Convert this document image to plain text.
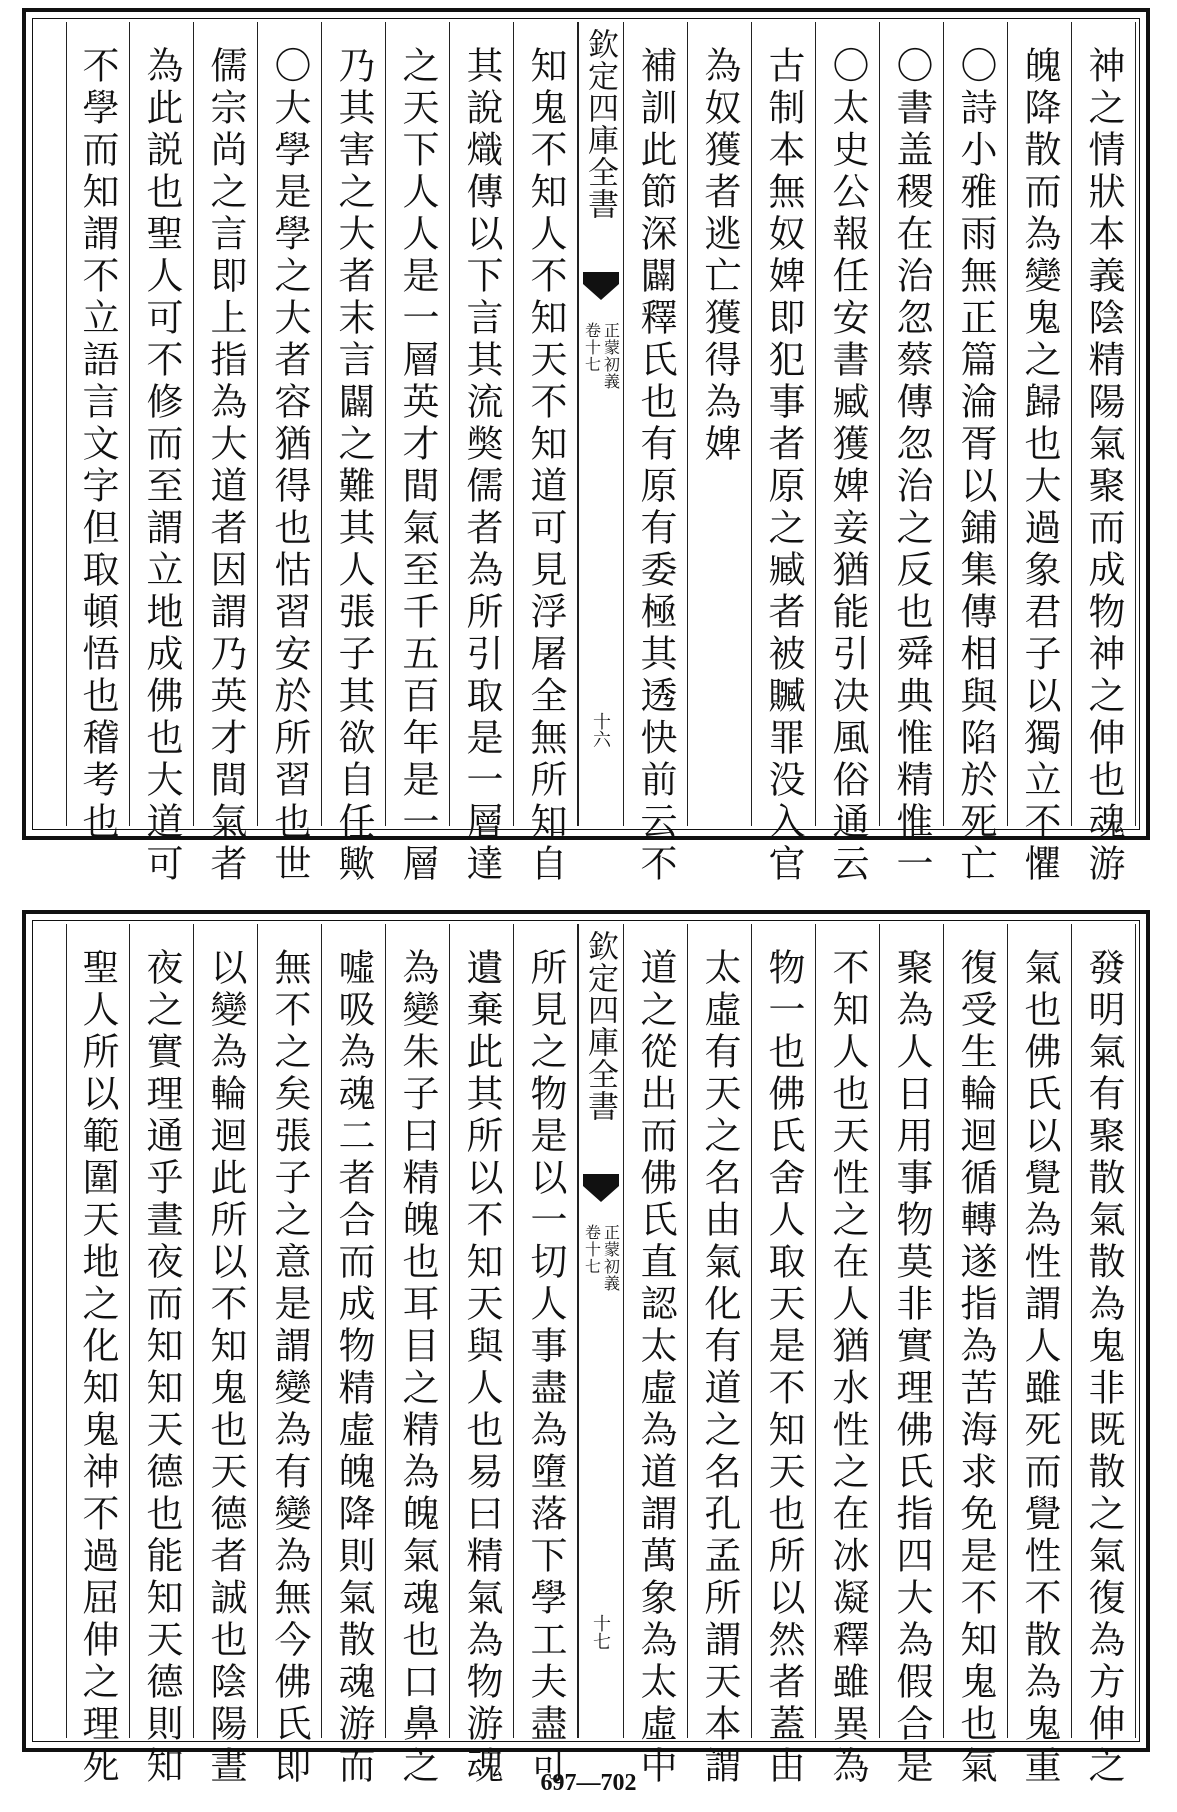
神之情狀本義陰精陽氣聚而成物神之伸也魂游
魄降散而為變鬼之歸也大過象君子以獨立不懼
〇詩小雅雨無正篇淪胥以鋪集傳相與陷於死亡
〇書盖稷在治忽蔡傳忽治之反也舜典惟精惟一
〇太史公報任安書臧獲婢妾猶能引决風俗通云
古制本無奴婢即犯事者原之臧者被贓罪没入官
為奴獲者逃亡獲得為婢
補訓此節深闢釋氏也有原有委極其透快前云不
欽定四庫全書
正蒙初義
卷十七
十六
知鬼不知人不知天不知道可見浮屠全無所知自
其說熾傳以下言其流獘儒者為所引取是一層達
之天下人人是一層英才間氣至千五百年是一層
乃其害之大者末言闢之難其人張子其欲自任歟
〇大學是學之大者容猶得也怙習安於所習也世
儒宗尚之言即上指為大道者因謂乃英才間氣者
為此説也聖人可不修而至謂立地成佛也大道可
不學而知謂不立語言文字但取頓悟也稽考也
發明氣有聚散氣散為鬼非既散之氣復為方伸之
氣也佛氏以覺為性謂人雖死而覺性不散為鬼重
復受生輪迴循轉遂指為苦海求免是不知鬼也氣
聚為人日用事物莫非實理佛氏指四大為假合是
不知人也天性之在人猶水性之在冰凝釋雖異為
物一也佛氏舍人取天是不知天也所以然者蓋由
太虛有天之名由氣化有道之名孔孟所謂天本謂
道之從出而佛氏直認太虛為道謂萬象為太虛中
欽定四庫全書
正蒙初義
卷十七
十七
所見之物是以一切人事盡為墮落下學工夫盡可
遺棄此其所以不知天與人也易曰精氣為物游魂
為變朱子曰精魄也耳目之精為魄氣魂也口鼻之
噓吸為魂二者合而成物精虛魄降則氣散魂游而
無不之矣張子之意是謂變為有變為無今佛氏即
以變為輪迴此所以不知鬼也天德者誠也陰陽晝
夜之實理通乎晝夜而知知天德也能知天德則知
聖人所以範圍天地之化知鬼神不過屈伸之理死	697—702
